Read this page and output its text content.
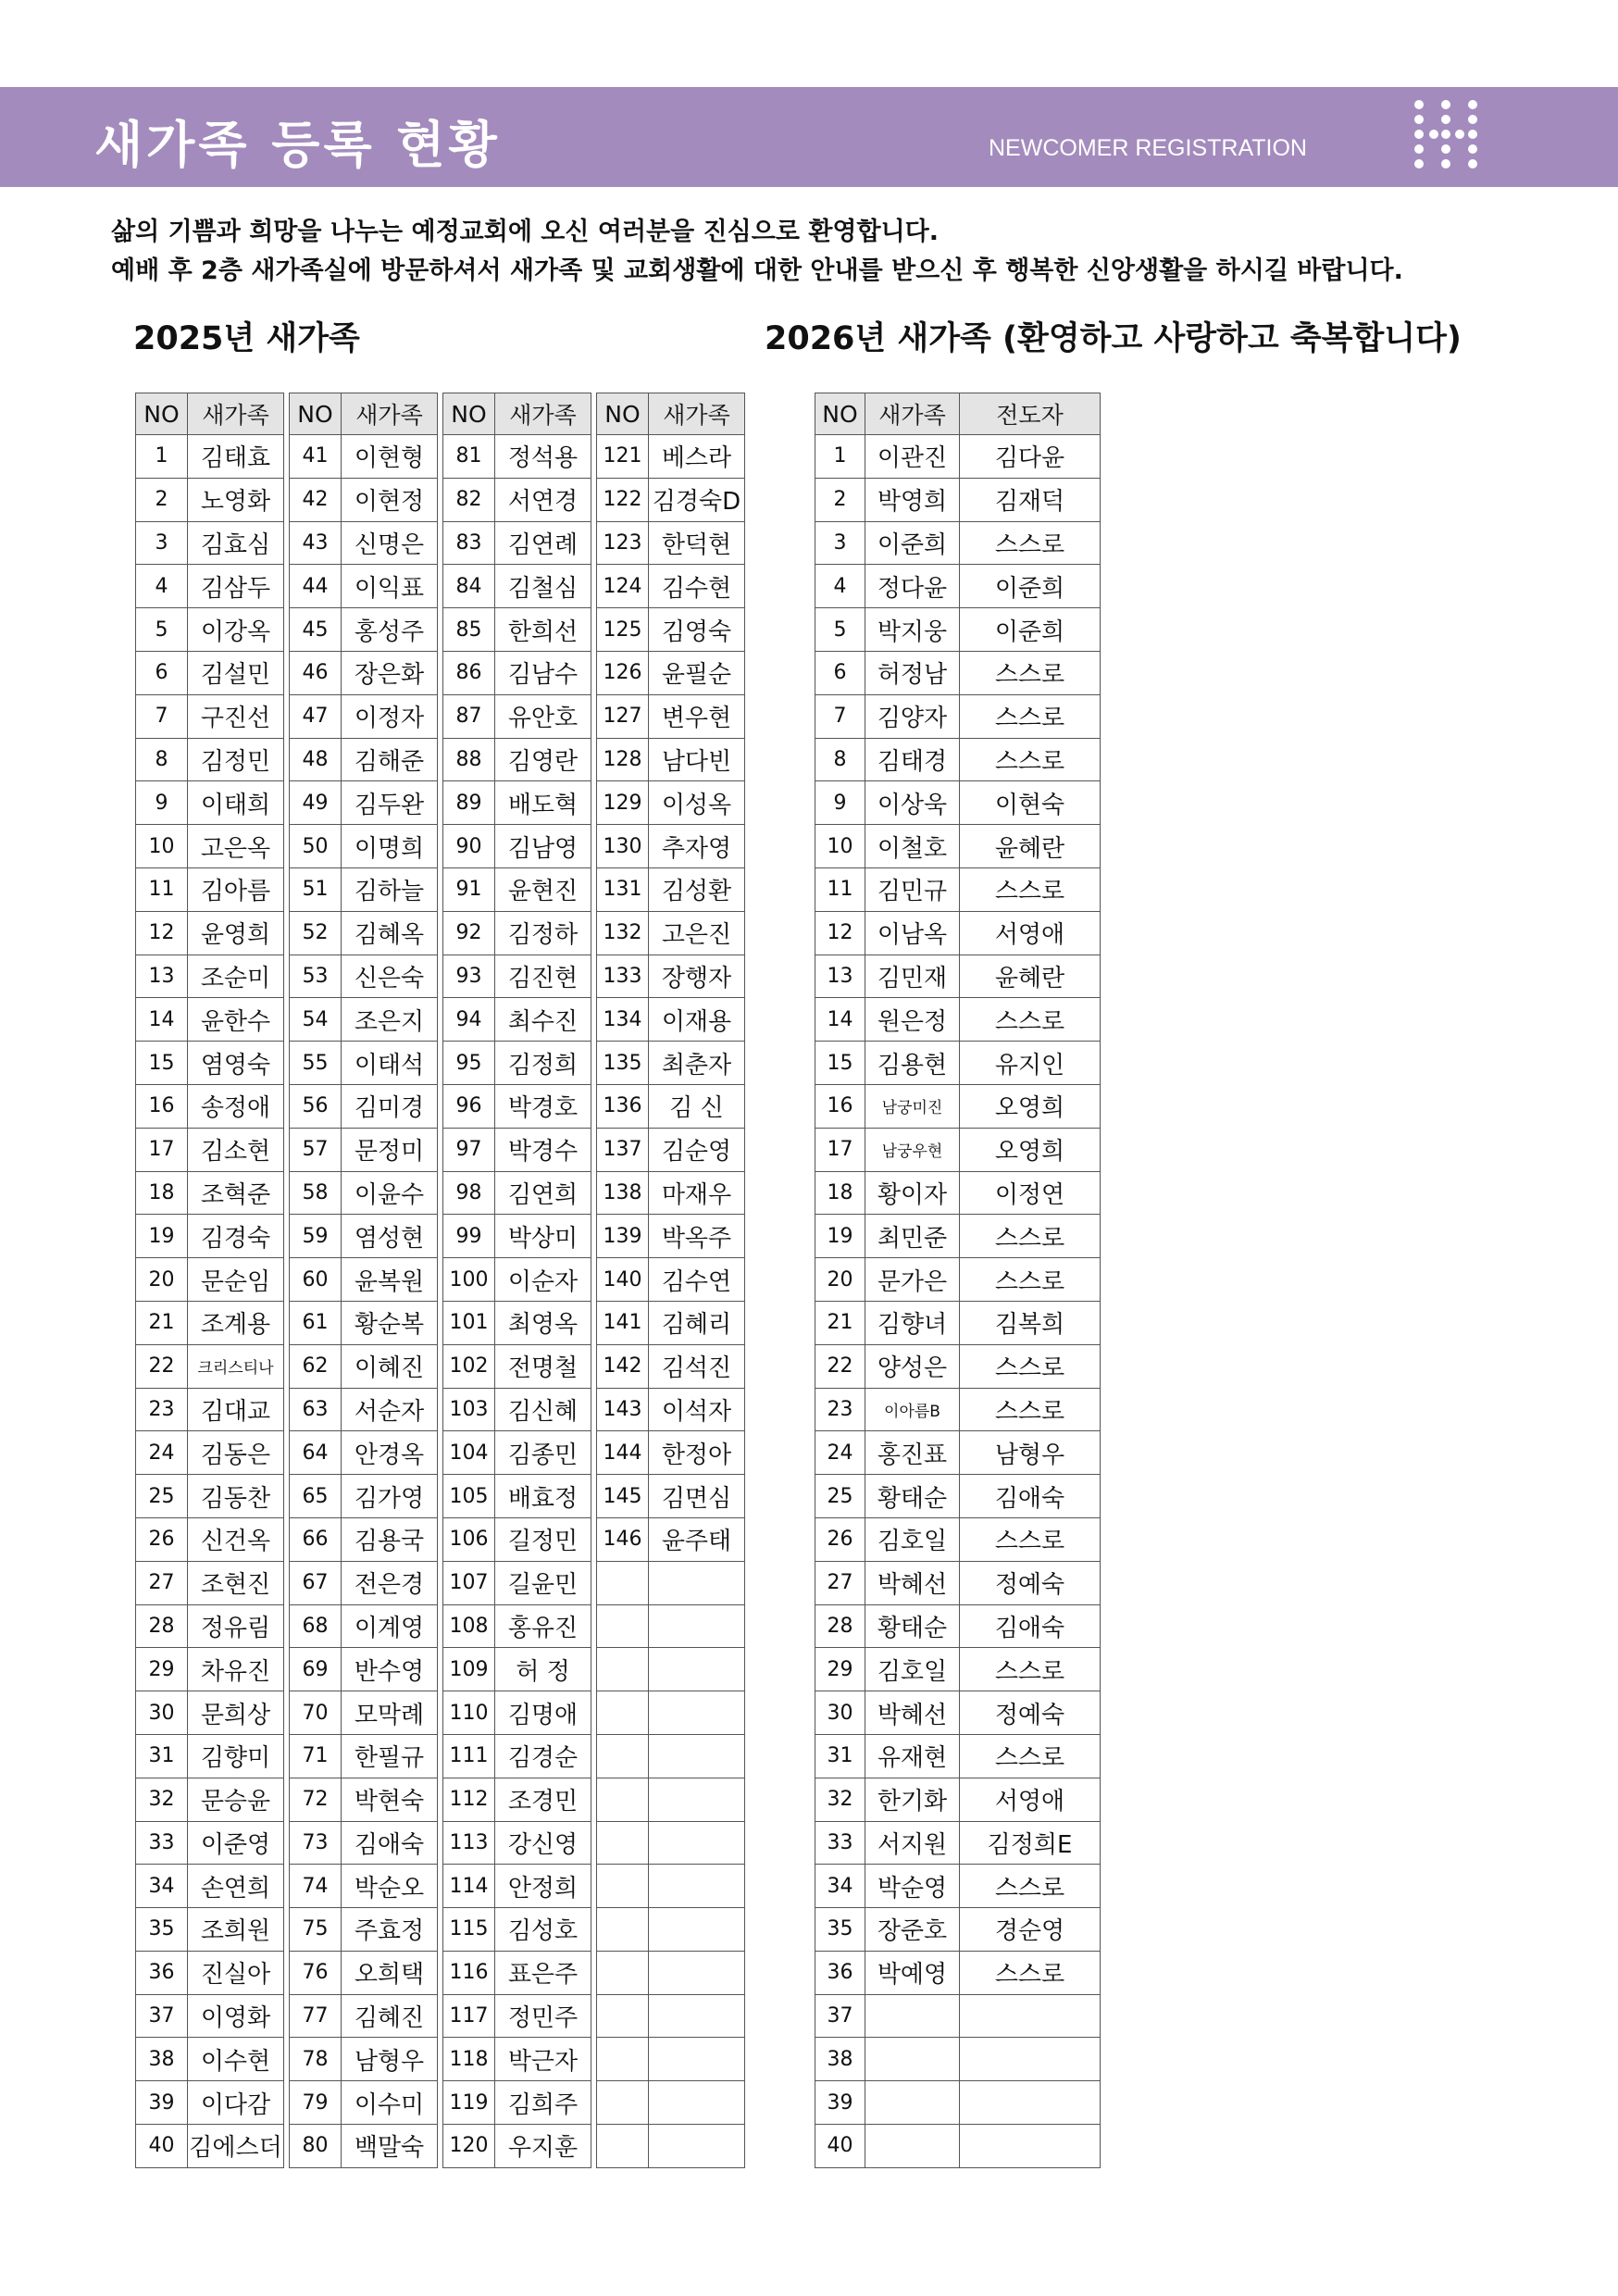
새가족 등록 현황	NEWCOMER REGISTRATION
삶의 기쁨과 희망을 나누는 예정교회에 오신 여러분을 진심으로 환영합니다.
예배 후 2층 새가족실에 방문하셔서 새가족 및 교회생활에 대한 안내를 받으신 후 행복한 신앙생활을 하시길 바랍니다.
2025년 새가족	2026년 새가족 (환영하고 사랑하고 축복합니다)
NO	새가족
1	김태효
2	노영화
3	김효심
4	김삼두
5	이강옥
6	김설민
7	구진선
8	김정민
9	이태희
10	고은옥
11	김아름
12	윤영희
13	조순미
14	윤한수
15	염영숙
16	송정애
17	김소현
18	조혁준
19	김경숙
20	문순임
21	조계용
22	크리스티나
23	김대교
24	김동은
25	김동찬
26	신건옥
27	조현진
28	정유림
29	차유진
30	문희상
31	김향미
32	문승윤
33	이준영
34	손연희
35	조희원
36	진실아
37	이영화
38	이수현
39	이다감
40	김에스더
NO	새가족
41	이현형
42	이현정
43	신명은
44	이익표
45	홍성주
46	장은화
47	이정자
48	김해준
49	김두완
50	이명희
51	김하늘
52	김혜옥
53	신은숙
54	조은지
55	이태석
56	김미경
57	문정미
58	이윤수
59	염성현
60	윤복원
61	황순복
62	이혜진
63	서순자
64	안경옥
65	김가영
66	김용국
67	전은경
68	이계영
69	반수영
70	모막례
71	한필규
72	박현숙
73	김애숙
74	박순오
75	주효정
76	오희택
77	김혜진
78	남형우
79	이수미
80	백말숙
NO	새가족
81	정석용
82	서연경
83	김연례
84	김철심
85	한희선
86	김남수
87	유안호
88	김영란
89	배도혁
90	김남영
91	윤현진
92	김정하
93	김진현
94	최수진
95	김정희
96	박경호
97	박경수
98	김연희
99	박상미
100	이순자
101	최영옥
102	전명철
103	김신혜
104	김종민
105	배효정
106	길정민
107	길윤민
108	홍유진
109	허 정
110	김명애
111	김경순
112	조경민
113	강신영
114	안정희
115	김성호
116	표은주
117	정민주
118	박근자
119	김희주
120	우지훈
NO	새가족
121	베스라
122	김경숙D
123	한덕현
124	김수현
125	김영숙
126	윤필순
127	변우현
128	남다빈
129	이성옥
130	추자영
131	김성환
132	고은진
133	장행자
134	이재용
135	최춘자
136	김 신
137	김순영
138	마재우
139	박옥주
140	김수연
141	김혜리
142	김석진
143	이석자
144	한정아
145	김면심
146	윤주태

NO	새가족	전도자
1	이관진	김다윤
2	박영희	김재덕
3	이준희	스스로
4	정다윤	이준희
5	박지웅	이준희
6	허정남	스스로
7	김양자	스스로
8	김태경	스스로
9	이상욱	이현숙
10	이철호	윤혜란
11	김민규	스스로
12	이남옥	서영애
13	김민재	윤혜란
14	원은정	스스로
15	김용현	유지인
16	남궁미진	오영희
17	남궁우현	오영희
18	황이자	이정연
19	최민준	스스로
20	문가은	스스로
21	김향녀	김복희
22	양성은	스스로
23	이아름B	스스로
24	홍진표	남형우
25	황태순	김애숙
26	김호일	스스로
27	박혜선	정예숙
28	황태순	김애숙
29	김호일	스스로
30	박혜선	정예숙
31	유재현	스스로
32	한기화	서영애
33	서지원	김정희E
34	박순영	스스로
35	장준호	경순영
36	박예영	스스로
37		
38		
39		
40		
